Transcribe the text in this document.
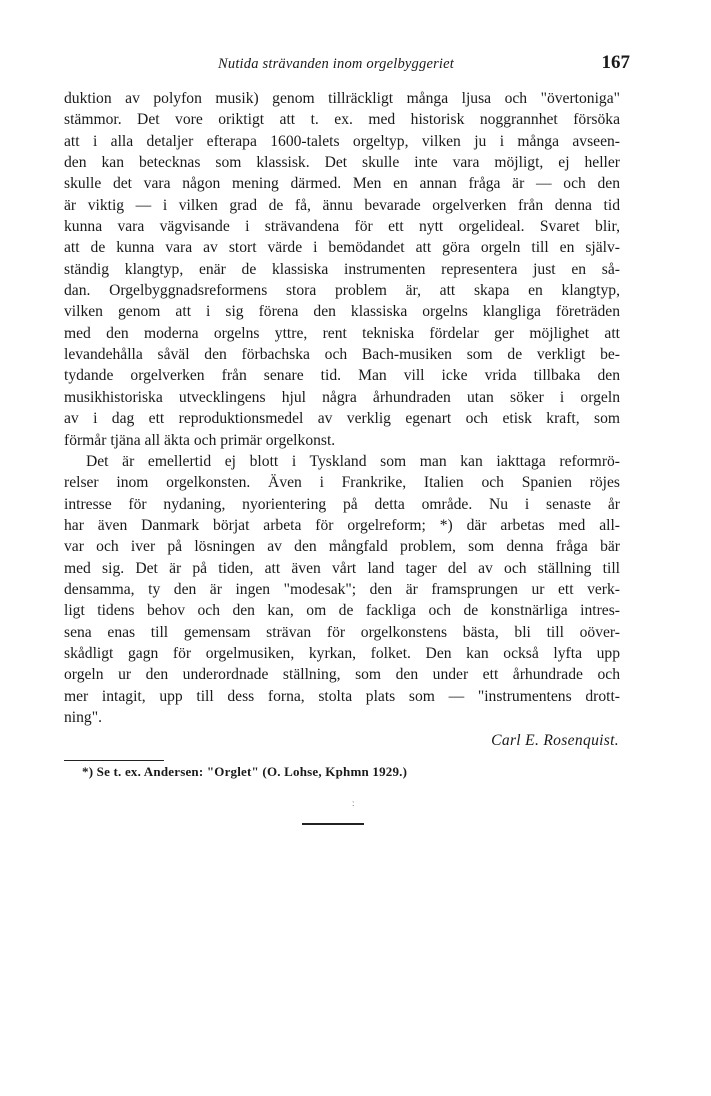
Nutida strävanden inom orgelbyggeriet	167
duktion av polyfon musik) genom tillräckligt många ljusa och "övertoniga"
stämmor. Det vore oriktigt att t. ex. med historisk noggrannhet försöka
att i alla detaljer efterapa 1600-talets orgeltyp, vilken ju i många avseen-
den kan betecknas som klassisk. Det skulle inte vara möjligt, ej heller
skulle det vara någon mening därmed. Men en annan fråga är — och den
är viktig — i vilken grad de få, ännu bevarade orgelverken från denna tid
kunna vara vägvisande i strävandena för ett nytt orgelideal. Svaret blir,
att de kunna vara av stort värde i bemödandet att göra orgeln till en själv-
ständig klangtyp, enär de klassiska instrumenten representera just en så-
dan. Orgelbyggnadsreformens stora problem är, att skapa en klangtyp,
vilken genom att i sig förena den klassiska orgelns klangliga företräden
med den moderna orgelns yttre, rent tekniska fördelar ger möjlighet att
levandehålla såväl den förbachska och Bach-musiken som de verkligt be-
tydande orgelverken från senare tid. Man vill icke vrida tillbaka den
musikhistoriska utvecklingens hjul några århundraden utan söker i orgeln
av i dag ett reproduktionsmedel av verklig egenart och etisk kraft, som
förmår tjäna all äkta och primär orgelkonst.
Det är emellertid ej blott i Tyskland som man kan iakttaga reformrö-
relser inom orgelkonsten. Även i Frankrike, Italien och Spanien röjes
intresse för nydaning, nyorientering på detta område. Nu i senaste år
har även Danmark börjat arbeta för orgelreform; *) där arbetas med all-
var och iver på lösningen av den mångfald problem, som denna fråga bär
med sig. Det är på tiden, att även vårt land tager del av och ställning till
densamma, ty den är ingen "modesak"; den är framsprungen ur ett verk-
ligt tidens behov och den kan, om de fackliga och de konstnärliga intres-
sena enas till gemensam strävan för orgelkonstens bästa, bli till oöver-
skådligt gagn för orgelmusiken, kyrkan, folket. Den kan också lyfta upp
orgeln ur den underordnade ställning, som den under ett århundrade och
mer intagit, upp till dess forna, stolta plats som — "instrumentens drott-
ning".
Carl E. Rosenquist.
*) Se t. ex. Andersen: "Orglet" (O. Lohse, Kphmn 1929.)
·̀
